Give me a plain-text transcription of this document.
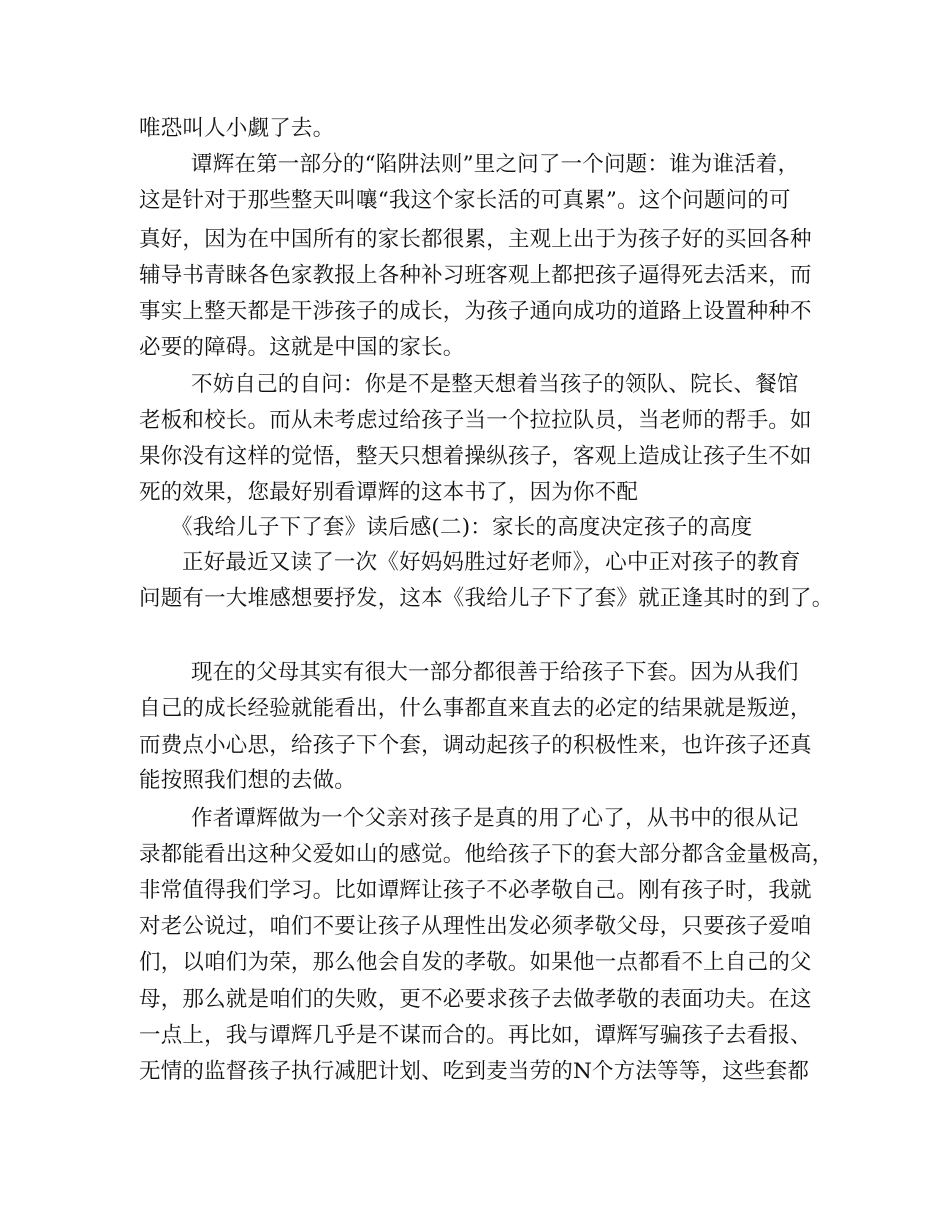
唯恐叫人小觑了去。
谭辉在第一部分的“陷阱法则”里之问了一个问题：谁为谁活着，
这是针对于那些整天叫嚷“我这个家长活的可真累”。这个问题问的可
真好，因为在中国所有的家长都很累，主观上出于为孩子好的买回各种
辅导书青睐各色家教报上各种补习班客观上都把孩子逼得死去活来，而
事实上整天都是干涉孩子的成长，为孩子通向成功的道路上设置种种不
必要的障碍。这就是中国的家长。
不妨自己的自问：你是不是整天想着当孩子的领队、院长、餐馆
老板和校长。而从未考虑过给孩子当一个拉拉队员，当老师的帮手。如
果你没有这样的觉悟，整天只想着操纵孩子，客观上造成让孩子生不如
死的效果，您最好别看谭辉的这本书了，因为你不配
《我给儿子下了套》读后感(二)：家长的高度决定孩子的高度
正好最近又读了一次《好妈妈胜过好老师》，心中正对孩子的教育
问题有一大堆感想要抒发，这本《我给儿子下了套》就正逢其时的到了。
现在的父母其实有很大一部分都很善于给孩子下套。因为从我们
自己的成长经验就能看出，什么事都直来直去的必定的结果就是叛逆，
而费点小心思，给孩子下个套，调动起孩子的积极性来，也许孩子还真
能按照我们想的去做。
作者谭辉做为一个父亲对孩子是真的用了心了，从书中的很从记
录都能看出这种父爱如山的感觉。他给孩子下的套大部分都含金量极高，
非常值得我们学习。比如谭辉让孩子不必孝敬自己。刚有孩子时，我就
对老公说过，咱们不要让孩子从理性出发必须孝敬父母，只要孩子爱咱
们，以咱们为荣，那么他会自发的孝敬。如果他一点都看不上自己的父
母，那么就是咱们的失败，更不必要求孩子去做孝敬的表面功夫。在这
一点上，我与谭辉几乎是不谋而合的。再比如，谭辉写骗孩子去看报、
无情的监督孩子执行减肥计划、吃到麦当劳的N个方法等等，这些套都
